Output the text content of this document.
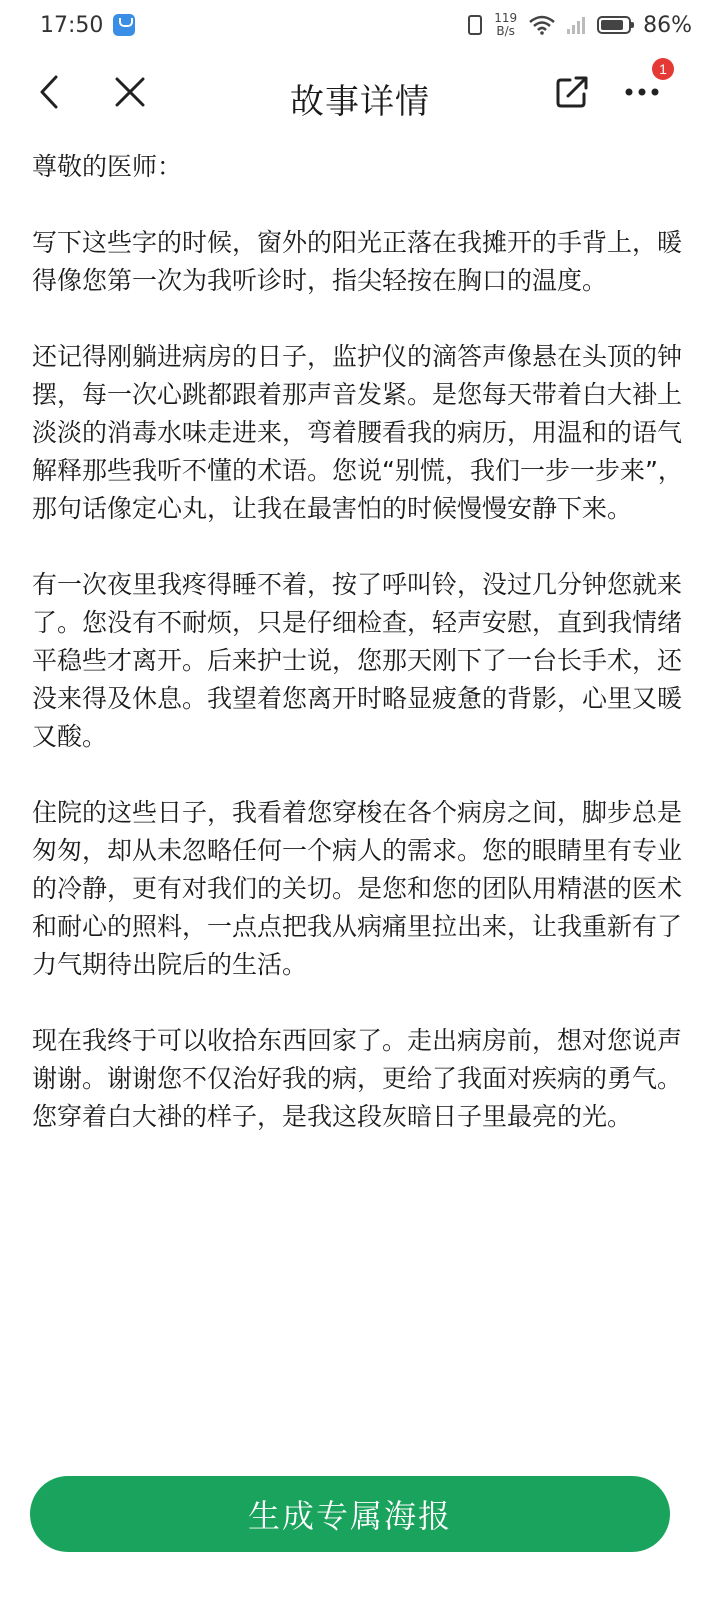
17:50	119
B/s	86%
故事详情
1

尊敬的医师：

写下这些字的时候，窗外的阳光正落在我摊开的手背上，暖得像您第一次为我听诊时，指尖轻按在胸口的温度。

还记得刚躺进病房的日子，监护仪的滴答声像悬在头顶的钟摆，每一次心跳都跟着那声音发紧。是您每天带着白大褂上淡淡的消毒水味走进来，弯着腰看我的病历，用温和的语气解释那些我听不懂的术语。您说“别慌，我们一步一步来”，那句话像定心丸，让我在最害怕的时候慢慢安静下来。

有一次夜里我疼得睡不着，按了呼叫铃，没过几分钟您就来了。您没有不耐烦，只是仔细检查，轻声安慰，直到我情绪平稳些才离开。后来护士说，您那天刚下了一台长手术，还没来得及休息。我望着您离开时略显疲惫的背影，心里又暖又酸。

住院的这些日子，我看着您穿梭在各个病房之间，脚步总是匆匆，却从未忽略任何一个病人的需求。您的眼睛里有专业的冷静，更有对我们的关切。是您和您的团队用精湛的医术和耐心的照料，一点点把我从病痛里拉出来，让我重新有了力气期待出院后的生活。

现在我终于可以收拾东西回家了。走出病房前，想对您说声谢谢。谢谢您不仅治好我的病，更给了我面对疾病的勇气。您穿着白大褂的样子，是我这段灰暗日子里最亮的光。

生成专属海报
